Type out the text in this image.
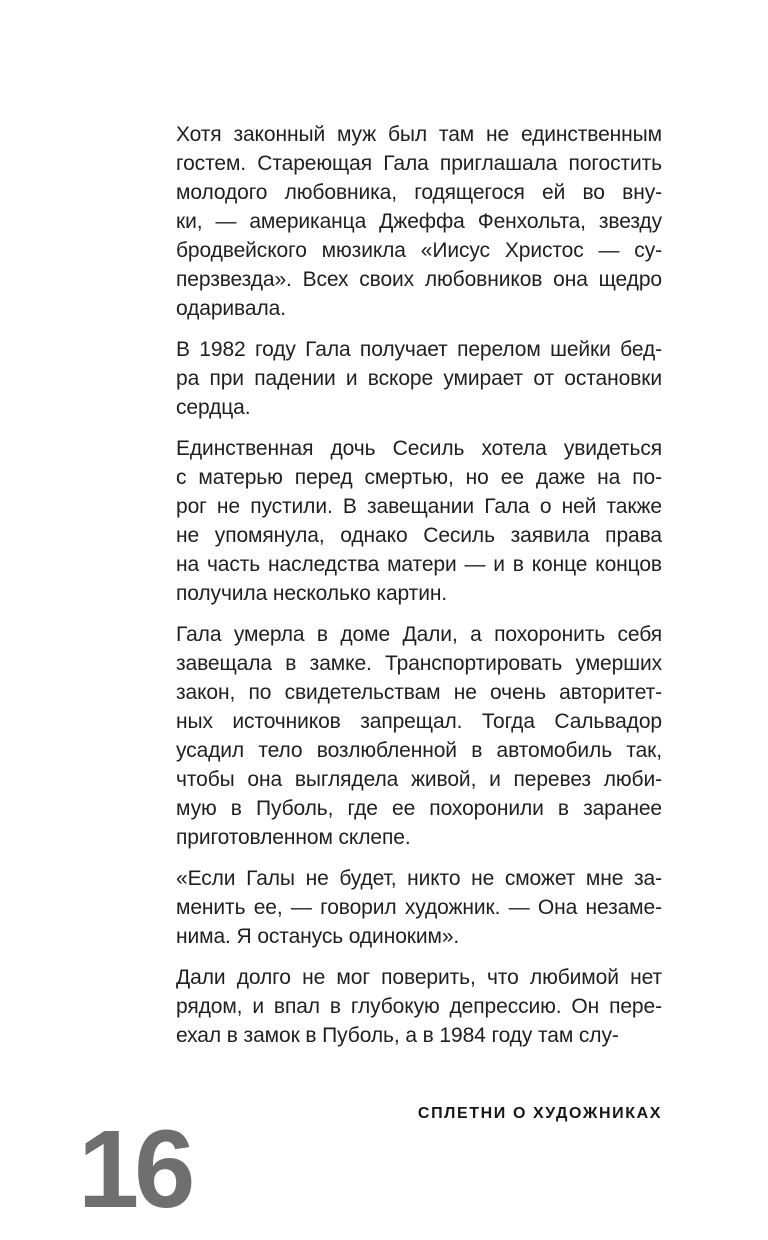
Хотя законный муж был там не единственным
гостем. Стареющая Гала приглашала погостить
молодого любовника, годящегося ей во вну-
ки, — американца Джеффа Фенхольта, звезду
бродвейского мюзикла «Иисус Христос — су-
перзвезда». Всех своих любовников она щедро
одаривала.
В 1982 году Гала получает перелом шейки бед-
ра при падении и вскоре умирает от остановки
сердца.
Единственная дочь Сесиль хотела увидеться
с матерью перед смертью, но ее даже на по-
рог не пустили. В завещании Гала о ней также
не упомянула, однако Сесиль заявила права
на часть наследства матери — и в конце концов
получила несколько картин.
Гала умерла в доме Дали, а похоронить себя
завещала в замке. Транспортировать умерших
закон, по свидетельствам не очень авторитет-
ных источников запрещал. Тогда Сальвадор
усадил тело возлюбленной в автомобиль так,
чтобы она выглядела живой, и перевез люби-
мую в Пуболь, где ее похоронили в заранее
приготовленном склепе.
«Если Галы не будет, никто не сможет мне за-
менить ее, — говорил художник. — Она незаме-
нима. Я останусь одиноким».
Дали долго не мог поверить, что любимой нет
рядом, и впал в глубокую депрессию. Он пере-
ехал в замок в Пуболь, а в 1984 году там слу-
СПЛЕТНИ О ХУДОЖНИКАХ
16
